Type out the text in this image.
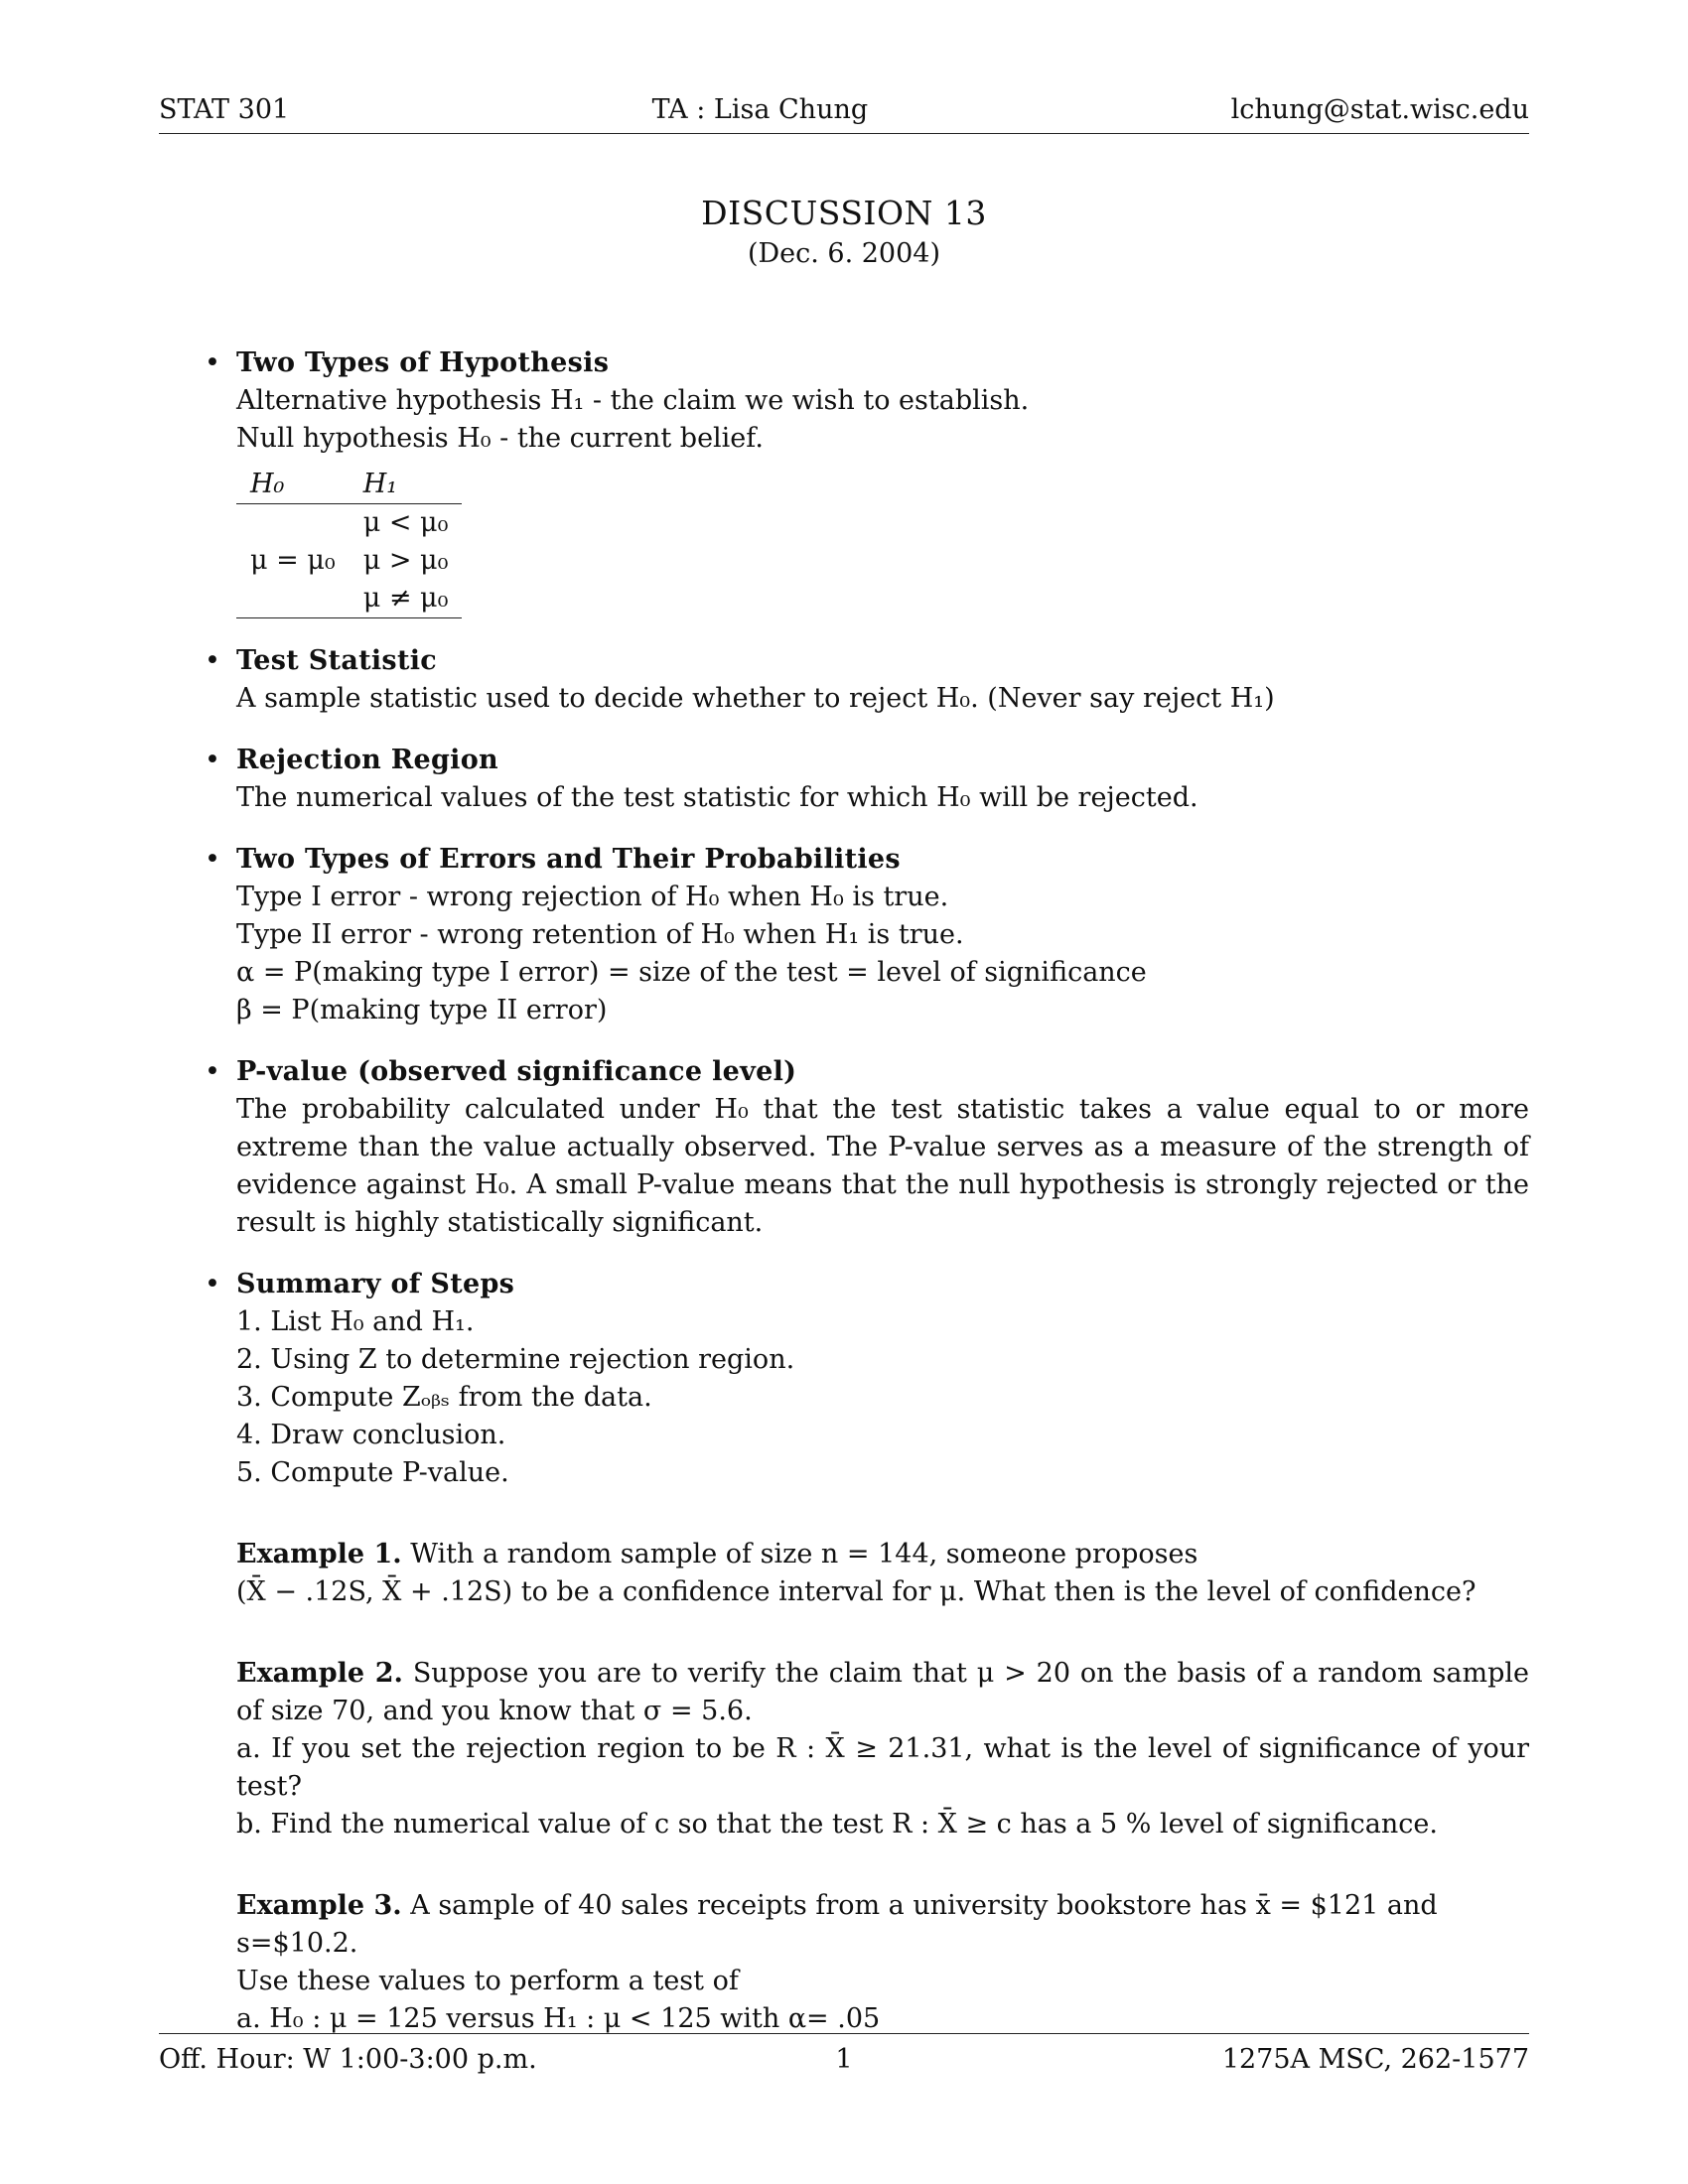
STAT 301	TA : Lisa Chung	lchung@stat.wisc.edu
DISCUSSION 13
(Dec. 6. 2004)
• Two Types of Hypothesis
Alternative hypothesis H₁ - the claim we wish to establish.
Null hypothesis H₀ - the current belief.
H₀	H₁
	μ < μ₀
μ = μ₀	μ > μ₀
	μ ≠ μ₀
• Test Statistic
A sample statistic used to decide whether to reject H₀. (Never say reject H₁)
• Rejection Region
The numerical values of the test statistic for which H₀ will be rejected.
• Two Types of Errors and Their Probabilities
Type I error - wrong rejection of H₀ when H₀ is true.
Type II error - wrong retention of H₀ when H₁ is true.
α = P(making type I error) = size of the test = level of significance
β = P(making type II error)
• P-value (observed significance level)
The probability calculated under H₀ that the test statistic takes a value equal to or more extreme than the value actually observed. The P-value serves as a measure of the strength of evidence against H₀. A small P-value means that the null hypothesis is strongly rejected or the result is highly statistically significant.
• Summary of Steps
1. List H₀ and H₁.
2. Using Z to determine rejection region.
3. Compute Zₒᵦₛ from the data.
4. Draw conclusion.
5. Compute P-value.
Example 1. With a random sample of size n = 144, someone proposes
(X̄ − .12S, X̄ + .12S) to be a confidence interval for μ. What then is the level of confidence?
Example 2. Suppose you are to verify the claim that μ > 20 on the basis of a random sample of size 70, and you know that σ = 5.6.
a. If you set the rejection region to be R : X̄ ≥ 21.31, what is the level of significance of your test?
b. Find the numerical value of c so that the test R : X̄ ≥ c has a 5 % level of significance.
Example 3. A sample of 40 sales receipts from a university bookstore has x̄ = $121 and s=$10.2.
Use these values to perform a test of
a. H₀ : μ = 125 versus H₁ : μ < 125 with α= .05
Off. Hour: W 1:00-3:00 p.m.	1	1275A MSC, 262-1577
